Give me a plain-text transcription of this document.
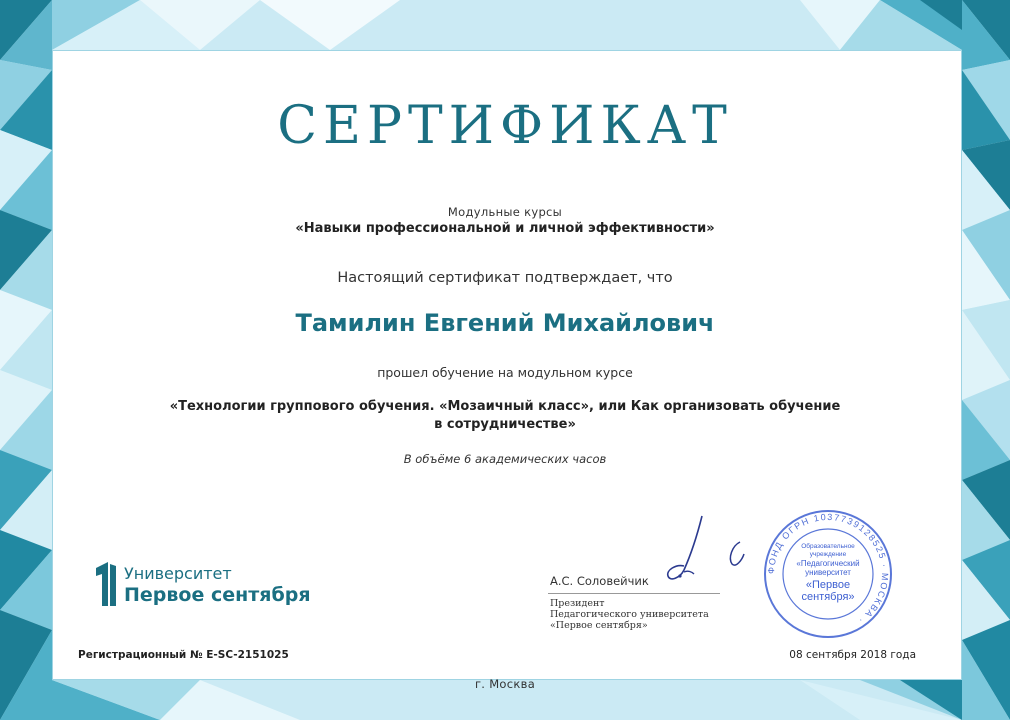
СЕРТИФИКАТ
Модульные курсы
«Навыки профессиональной и личной эффективности»
Настоящий сертификат подтверждает, что
Тамилин Евгений Михайлович
прошел обучение на модульном курсе
«Технологии группового обучения. «Мозаичный класс», или Как организовать обучение в сотрудничестве»
В объёме 6 академических часов
Университет
Первое сентября
А.С. Соловейчик
Президент
Педагогического университета
«Первое сентября»
ФОНД ОГРН 1037739128525 · МОСКВА ·
Образовательное
учреждение
«Педагогический
университет
«Первое
сентября»
Регистрационный № E-SC-2151025	08 сентября 2018 года
г. Москва
